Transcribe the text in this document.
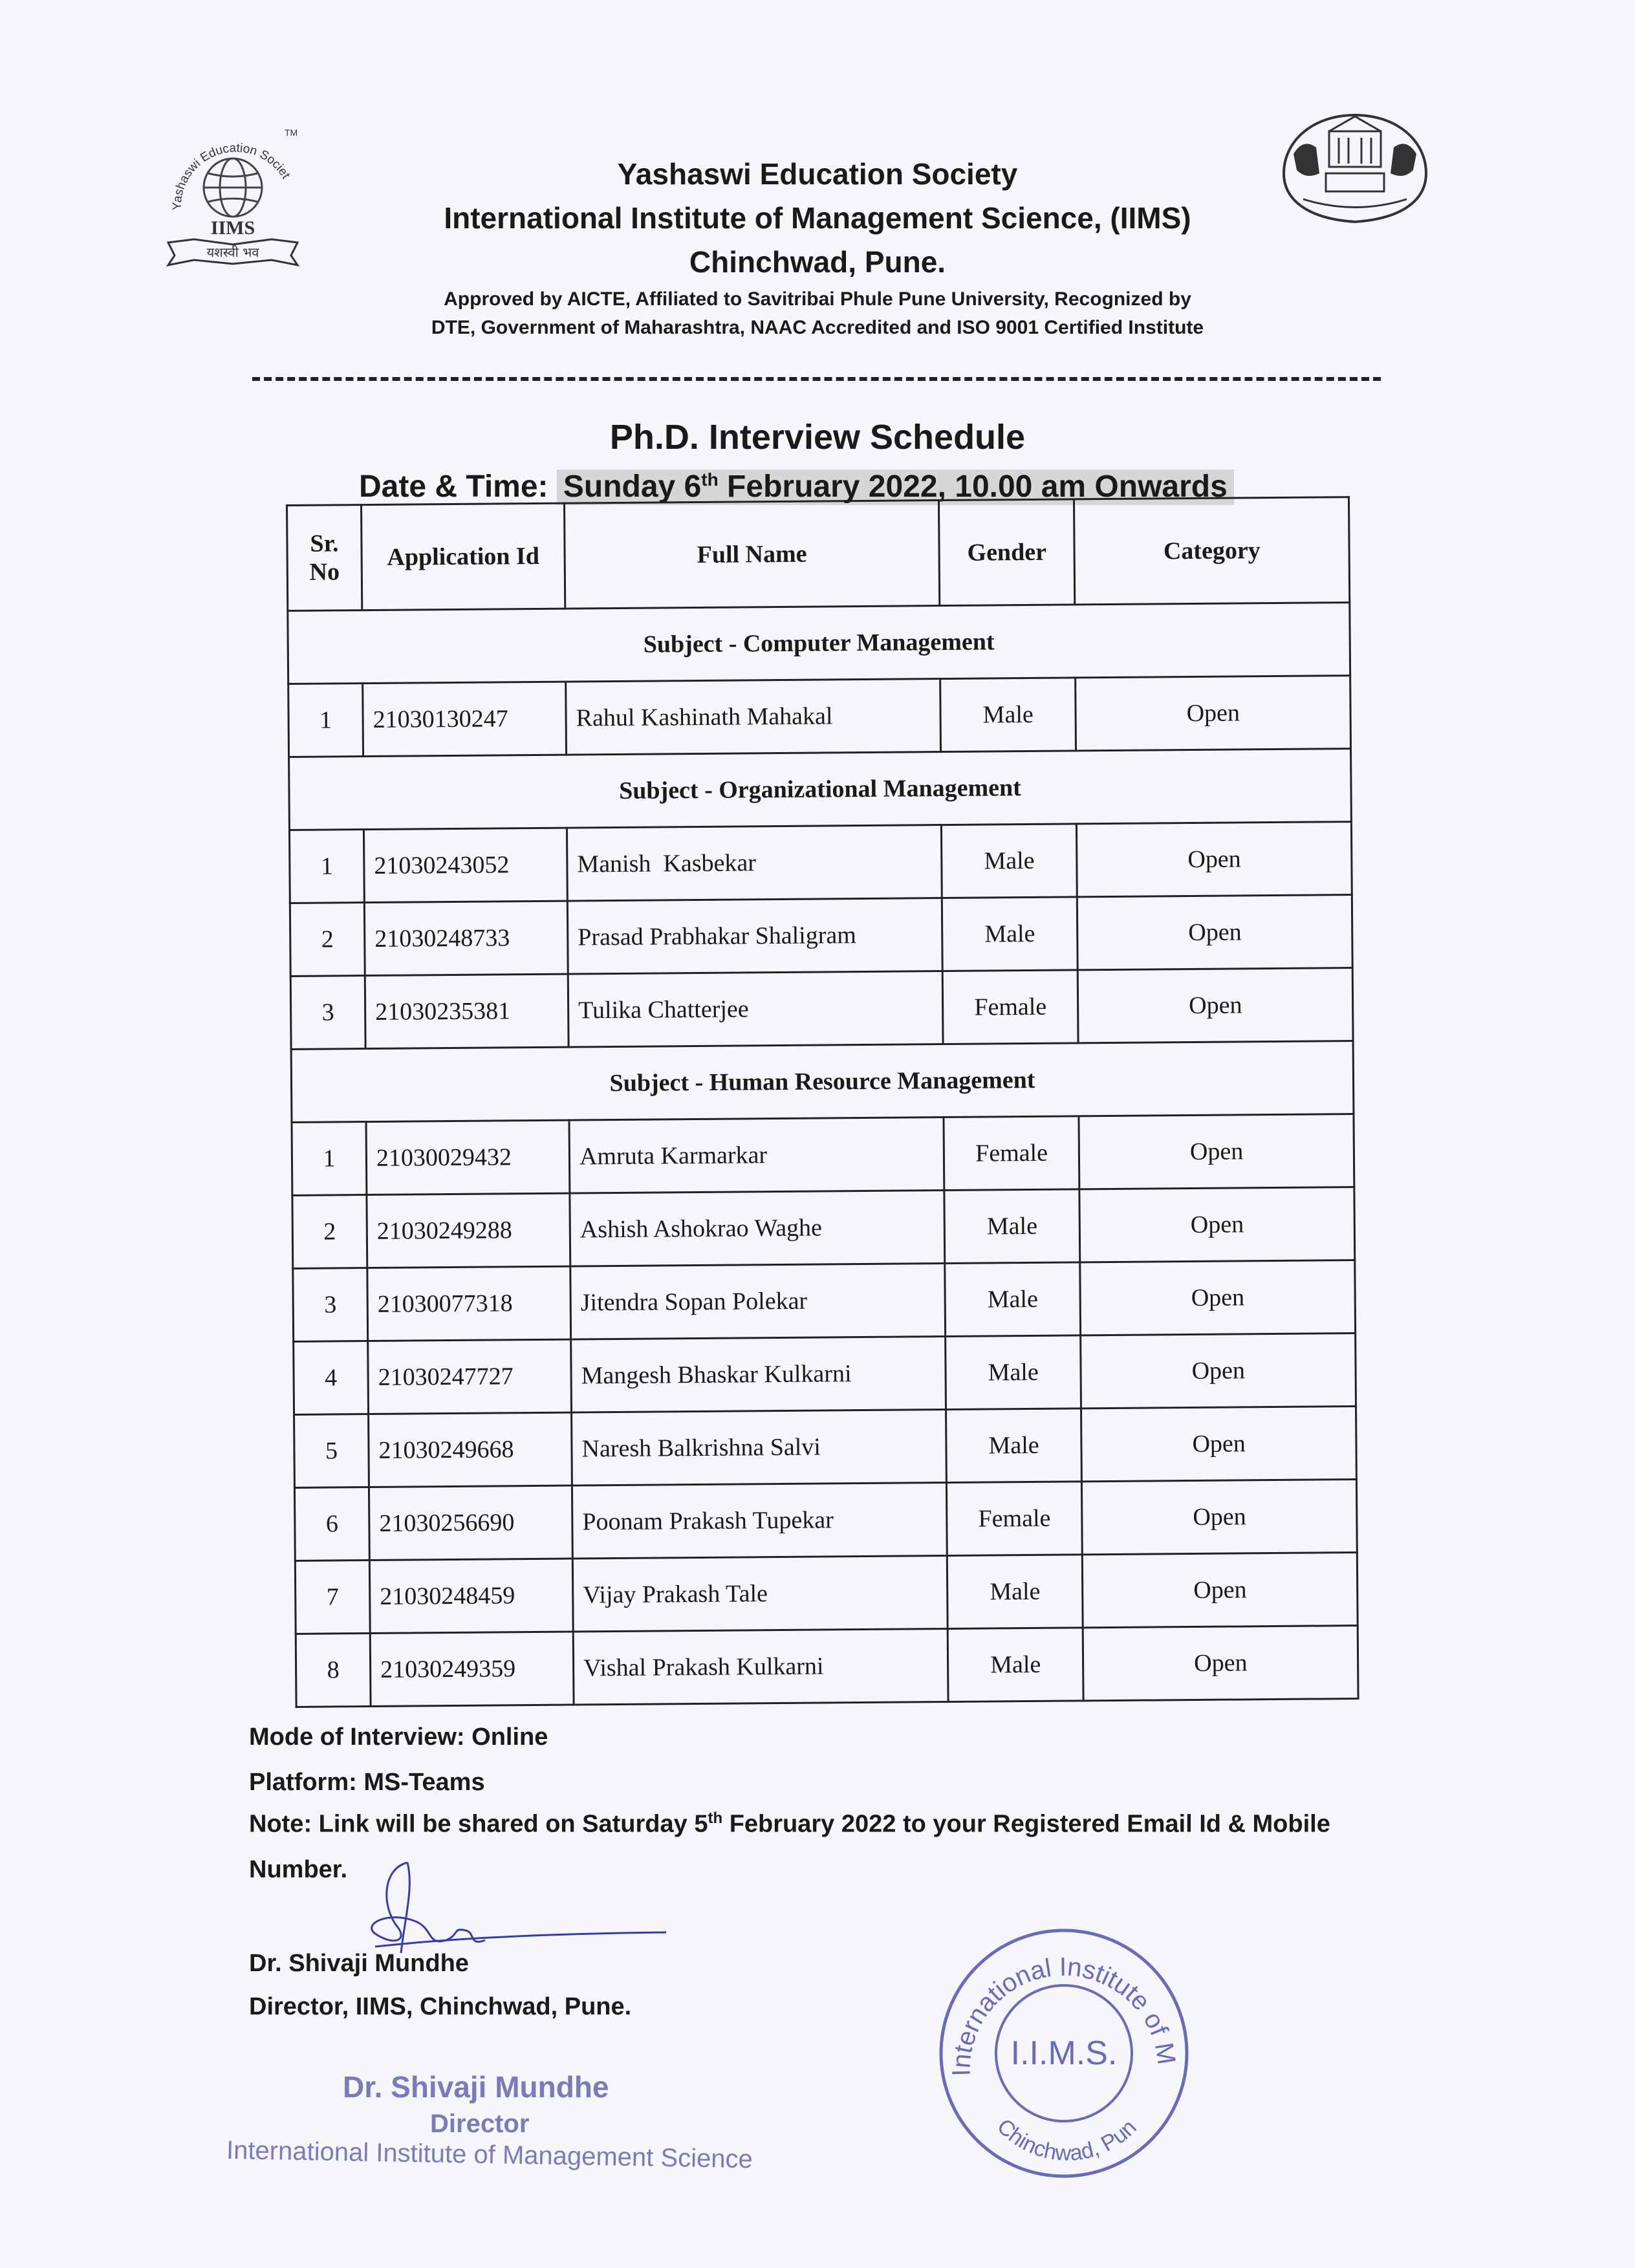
Yashaswi Education Societ
TM
IIMS
यशस्वी भव
Yashaswi Education Society
International Institute of Management Science, (IIMS)
Chinchwad, Pune.
Approved by AICTE, Affiliated to Savitribai Phule Pune University, Recognized by
DTE, Government of Maharashtra, NAAC Accredited and ISO 9001 Certified Institute
Ph.D. Interview Schedule
Date & Time: Sunday 6th February 2022, 10.00 am Onwards
Sr. No	Application Id	Full Name	Gender	Category
Subject - Computer Management				
1	21030130247	Rahul Kashinath Mahakal	Male	Open
Subject - Organizational Management				
1	21030243052	Manish  Kasbekar	Male	Open
2	21030248733	Prasad Prabhakar Shaligram	Male	Open
3	21030235381	Tulika Chatterjee	Female	Open
Subject - Human Resource Management				
1	21030029432	Amruta Karmarkar	Female	Open
2	21030249288	Ashish Ashokrao Waghe	Male	Open
3	21030077318	Jitendra Sopan Polekar	Male	Open
4	21030247727	Mangesh Bhaskar Kulkarni	Male	Open
5	21030249668	Naresh Balkrishna Salvi	Male	Open
6	21030256690	Poonam Prakash Tupekar	Female	Open
7	21030248459	Vijay Prakash Tale	Male	Open
8	21030249359	Vishal Prakash Kulkarni	Male	Open
Mode of Interview: Online
Platform: MS-Teams
Note: Link will be shared on Saturday 5th February 2022 to your Registered Email Id & Mobile
Number.
Dr. Shivaji Mundhe
Director, IIMS, Chinchwad, Pune.
Dr. Shivaji Mundhe
Director
International Institute of Management Science
International Institute of M
I.I.M.S.
Chinchwad, Pun
